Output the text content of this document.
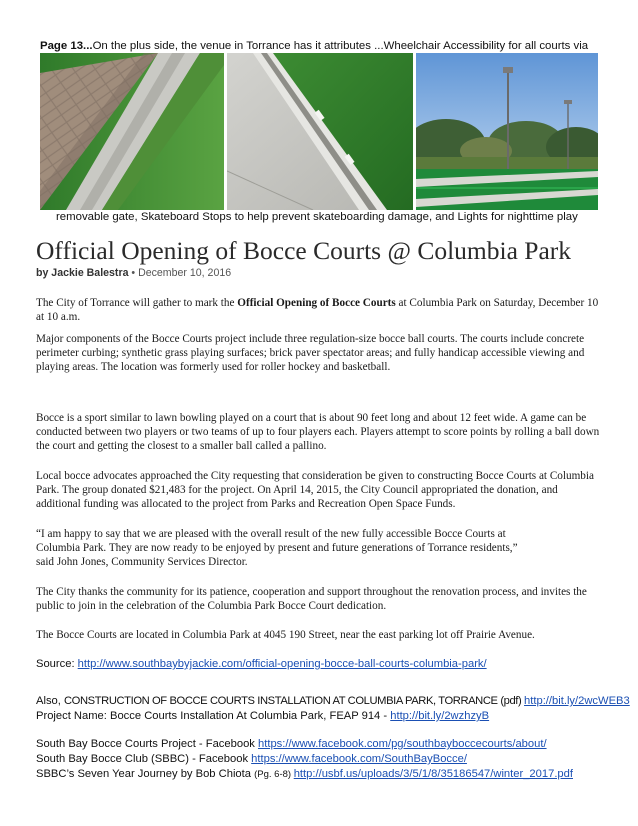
Page 13...On the plus side, the venue in Torrance has it attributes ...Wheelchair Accessibility for all courts via
removable gate, Skateboard Stops to help prevent skateboarding damage, and Lights for nighttime play
Official Opening of Bocce Courts @ Columbia Park
by Jackie Balestra • December 10, 2016

The City of Torrance will gather to mark the Official Opening of Bocce Courts at Columbia Park on Saturday, December 10 at 10 a.m.

Major components of the Bocce Courts project include three regulation-size bocce ball courts. The courts include concrete perimeter curbing; synthetic grass playing surfaces; brick paver spectator areas; and fully handicap accessible viewing and playing areas. The location was formerly used for roller hockey and basketball.

Bocce is a sport similar to lawn bowling played on a court that is about 90 feet long and about 12 feet wide. A game can be conducted between two players or two teams of up to four players each. Players attempt to score points by rolling a ball down the court and getting the closest to a smaller ball called a pallino.

Local bocce advocates approached the City requesting that consideration be given to constructing Bocce Courts at Columbia Park. The group donated $21,483 for the project. On April 14, 2015, the City Council appropriated the donation, and additional funding was allocated to the project from Parks and Recreation Open Space Funds.

“I am happy to say that we are pleased with the overall result of the new fully accessible Bocce Courts at
Columbia Park. They are now ready to be enjoyed by present and future generations of Torrance residents,”
said John Jones, Community Services Director.

The City thanks the community for its patience, cooperation and support throughout the renovation process, and invites the public to join in the celebration of the Columbia Park Bocce Court dedication.

The Bocce Courts are located in Columbia Park at 4045 190 Street, near the east parking lot off Prairie Avenue.

Source: http://www.southbaybyjackie.com/official-opening-bocce-ball-courts-columbia-park/
Also, CONSTRUCTION OF BOCCE COURTS INSTALLATION AT COLUMBIA PARK, TORRANCE (pdf) http://bit.ly/2wcWEB3
Project Name: Bocce Courts Installation At Columbia Park, FEAP 914 - http://bit.ly/2wzhzyB
South Bay Bocce Courts Project - Facebook https://www.facebook.com/pg/southbayboccecourts/about/
South Bay Bocce Club (SBBC) - Facebook https://www.facebook.com/SouthBayBocce/
SBBC’s Seven Year Journey by Bob Chiota (Pg. 6-8) http://usbf.us/uploads/3/5/1/8/35186547/winter_2017.pdf
